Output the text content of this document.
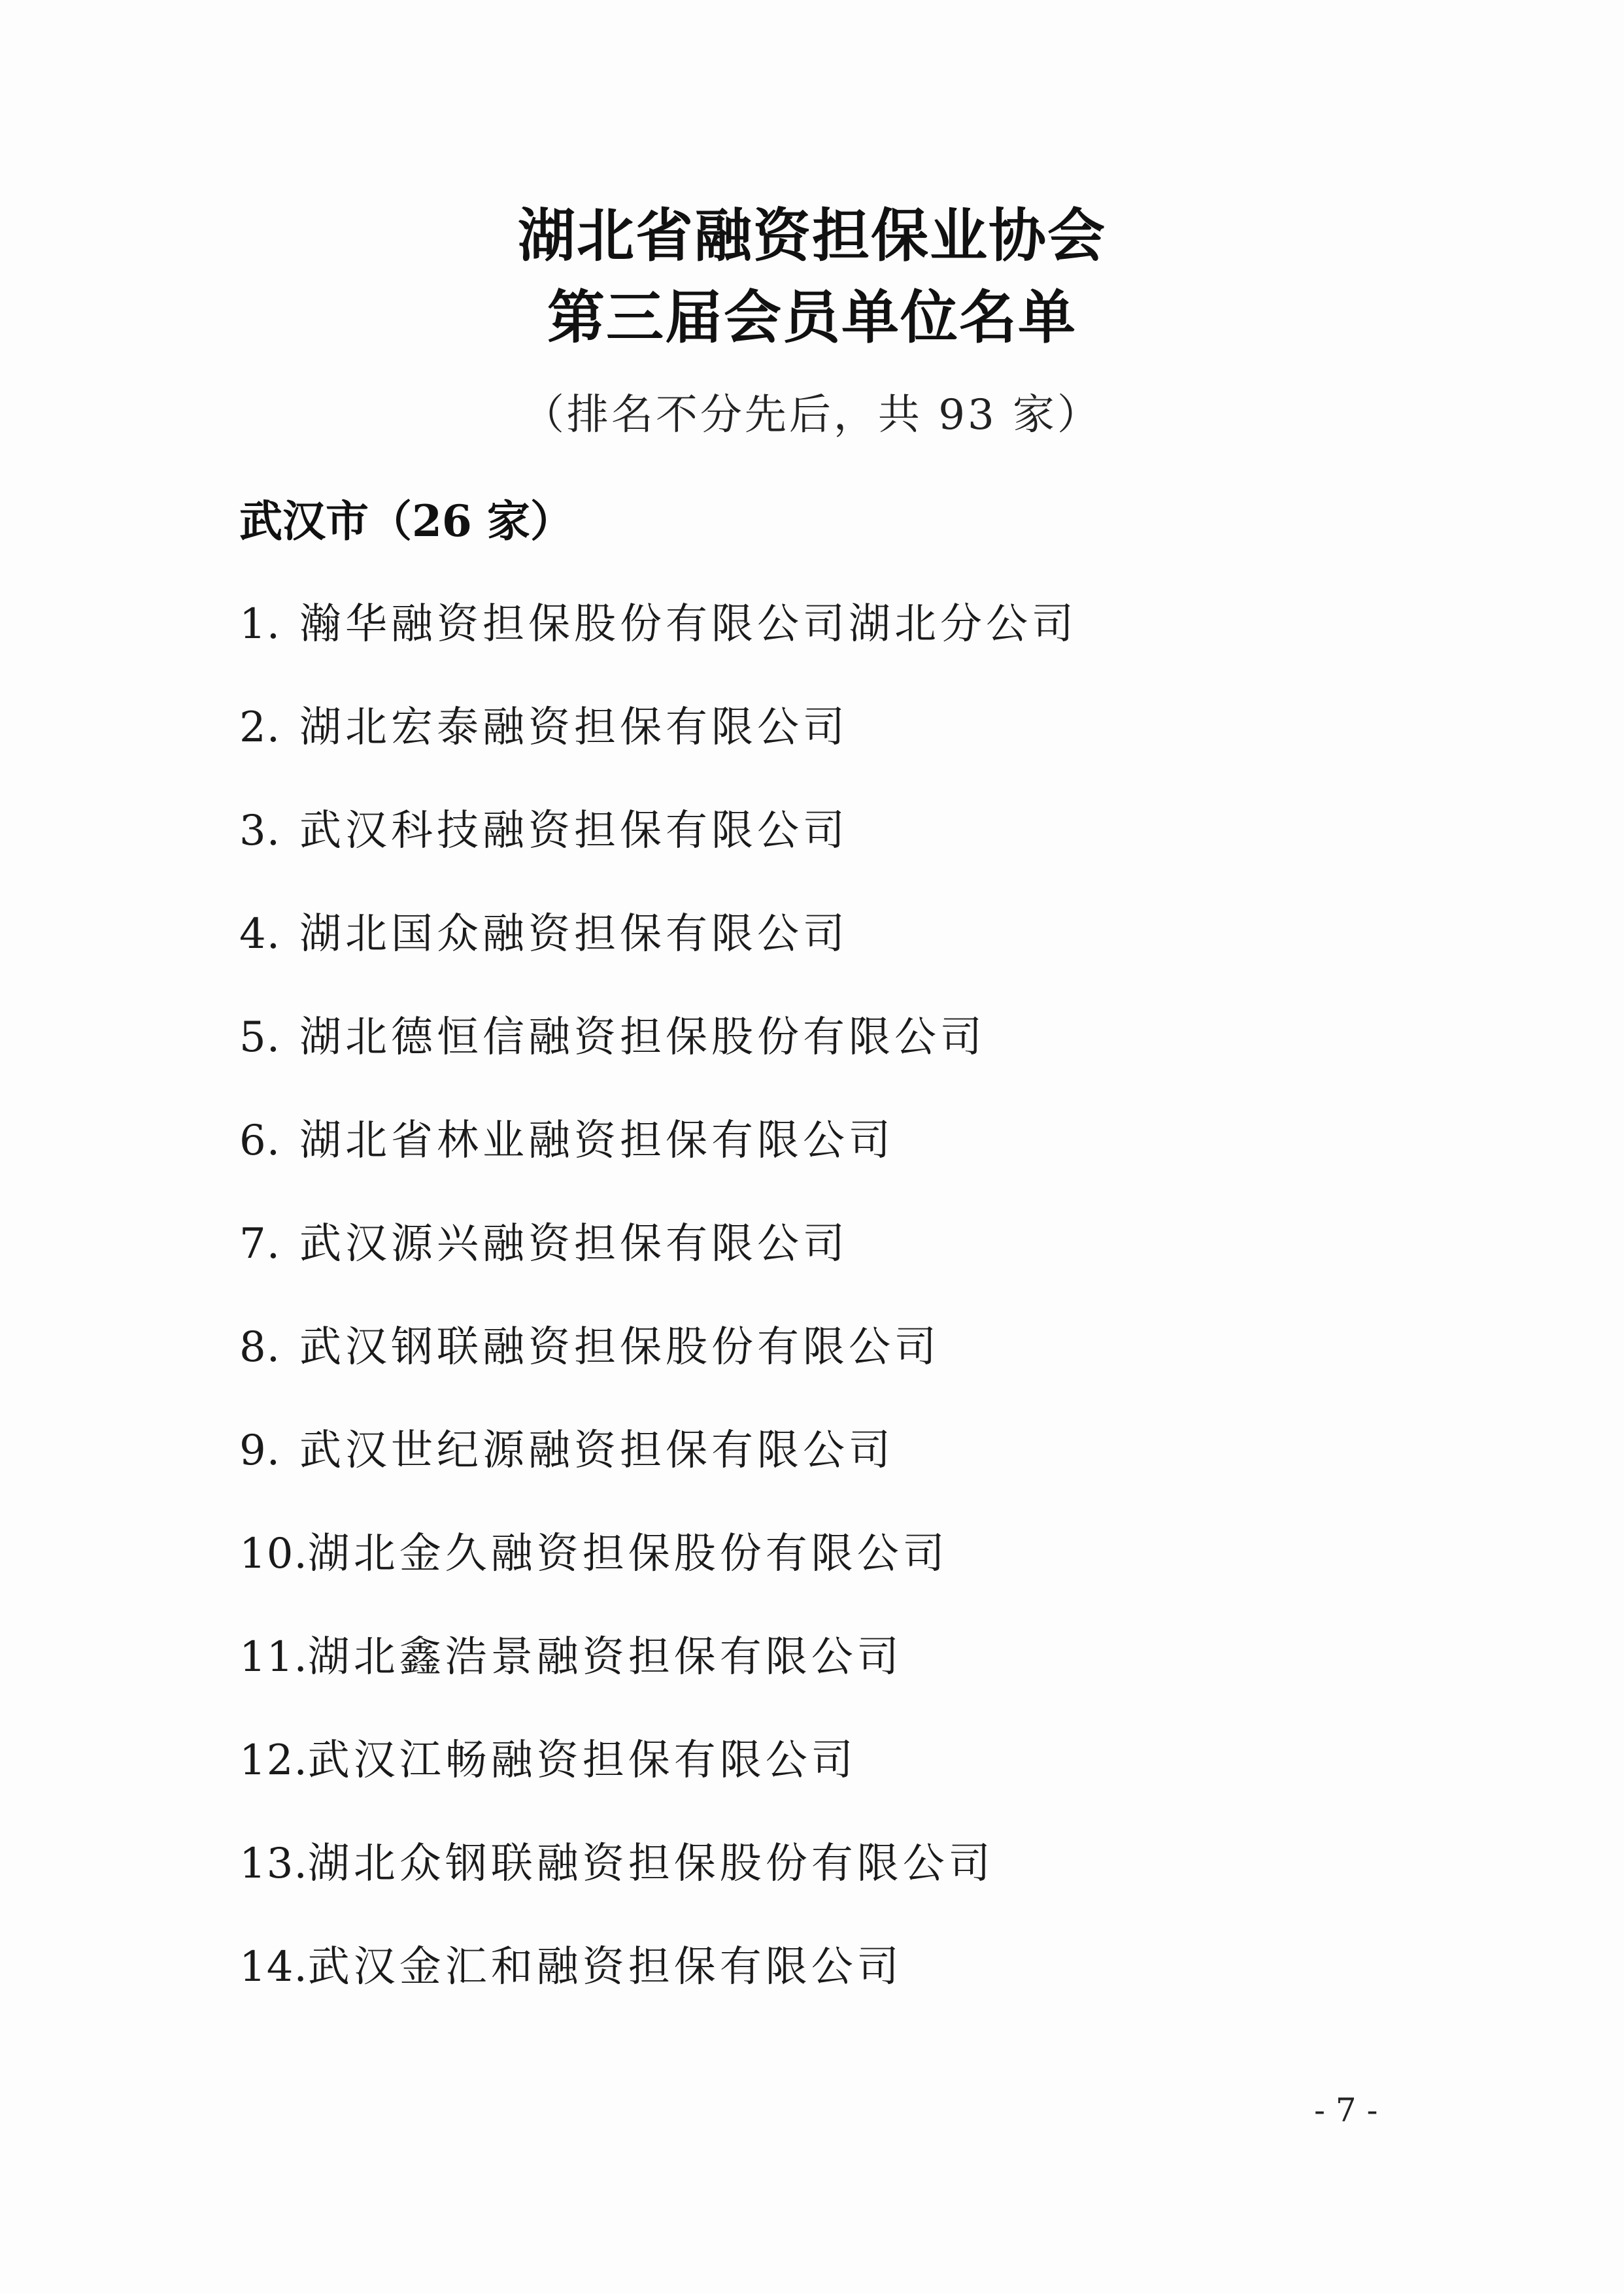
湖北省融资担保业协会
第三届会员单位名单
（排名不分先后，共 93 家）
武汉市（26 家）
1. 瀚华融资担保股份有限公司湖北分公司
2. 湖北宏泰融资担保有限公司
3. 武汉科技融资担保有限公司
4. 湖北国众融资担保有限公司
5. 湖北德恒信融资担保股份有限公司
6. 湖北省林业融资担保有限公司
7. 武汉源兴融资担保有限公司
8. 武汉钢联融资担保股份有限公司
9. 武汉世纪源融资担保有限公司
10. 湖北金久融资担保股份有限公司
11. 湖北鑫浩景融资担保有限公司
12. 武汉江畅融资担保有限公司
13. 湖北众钢联融资担保股份有限公司
14. 武汉金汇和融资担保有限公司
- 7 -
